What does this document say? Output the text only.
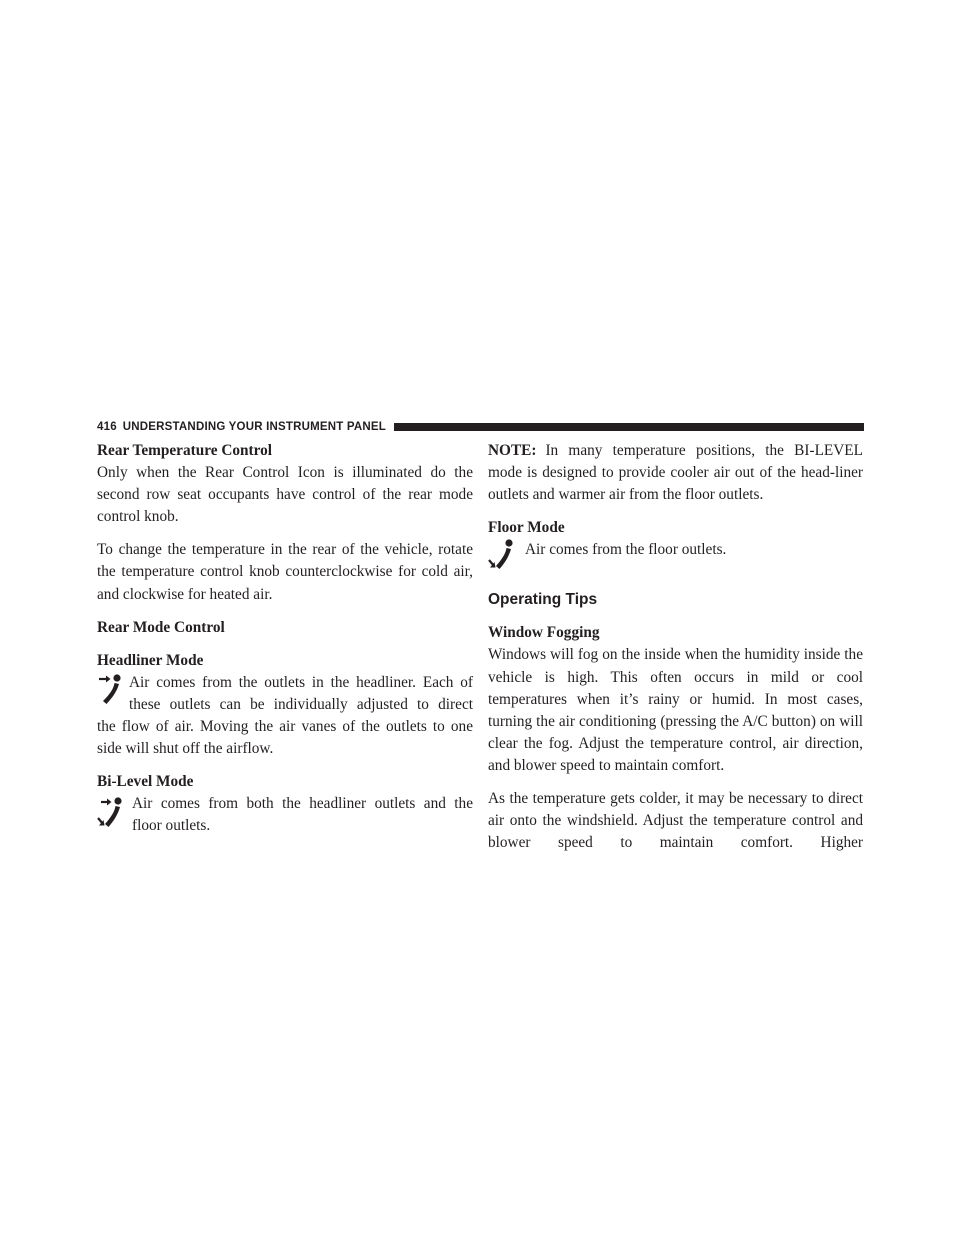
416 UNDERSTANDING YOUR INSTRUMENT PANEL

Rear Temperature Control

Only when the Rear Control Icon is illuminated do the second row seat occupants have control of the rear mode control knob.

To change the temperature in the rear of the vehicle, rotate the temperature control knob counterclockwise for cold air, and clockwise for heated air.

Rear Mode Control

Headliner Mode

Air comes from the outlets in the headliner. Each of

these outlets can be individually adjusted to direct

the flow of air. Moving the air vanes of the outlets to one side will shut off the airflow.

Bi-Level Mode

Air comes from both the headliner outlets and the

floor outlets.

NOTE: In many temperature positions, the BI-LEVEL mode is designed to provide cooler air out of the head-liner outlets and warmer air from the floor outlets.

Floor Mode

Air comes from the floor outlets.

Operating Tips

Window Fogging

Windows will fog on the inside when the humidity inside the vehicle is high. This often occurs in mild or cool temperatures when it’s rainy or humid. In most cases, turning the air conditioning (pressing the A/C button) on will clear the fog. Adjust the temperature control, air direction, and blower speed to maintain comfort.

As the temperature gets colder, it may be necessary to direct air onto the windshield. Adjust the temperature control and blower speed to maintain comfort. Higher
